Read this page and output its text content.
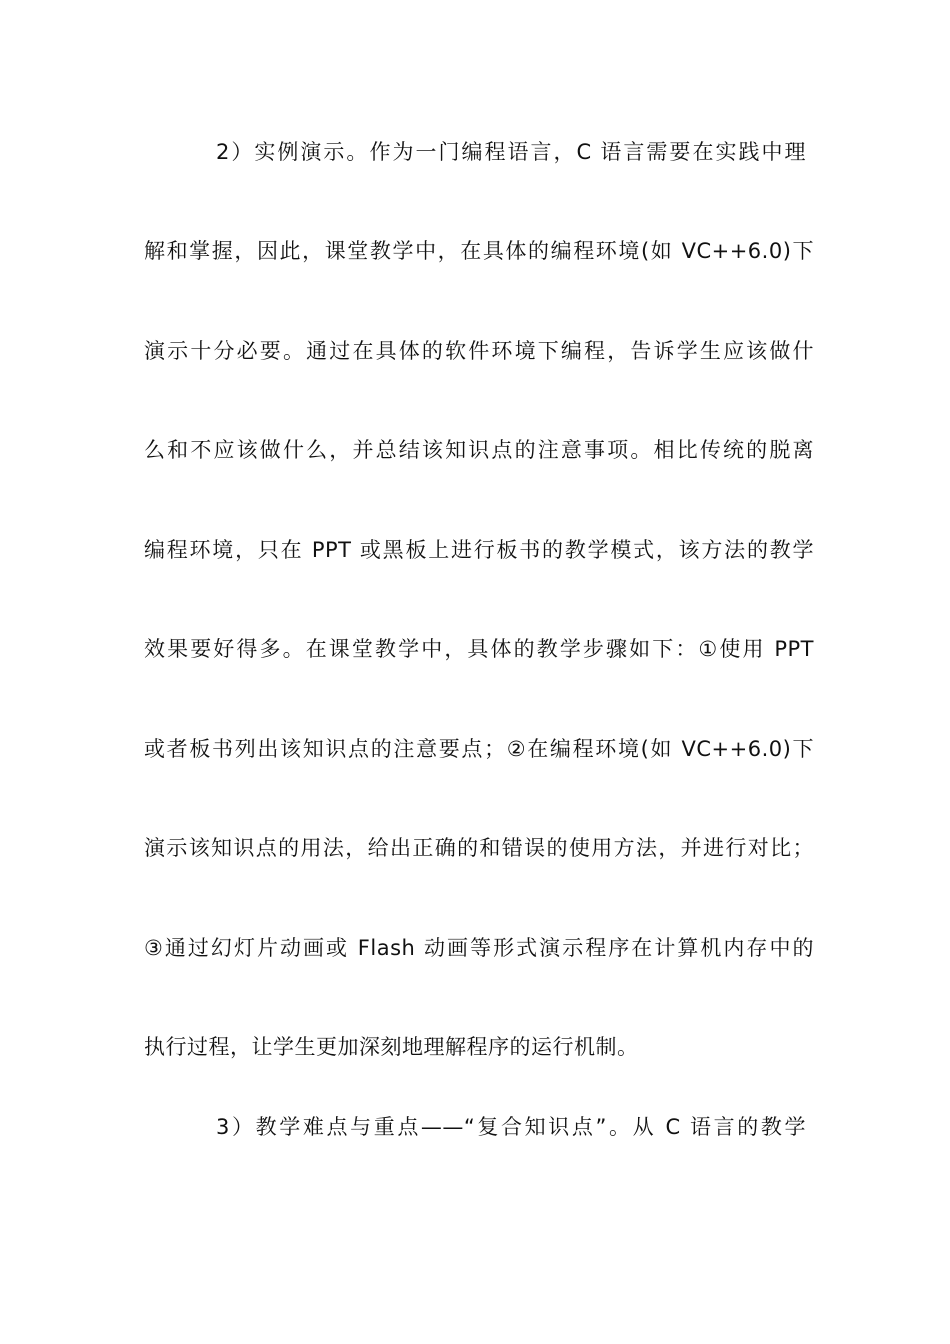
2）实例演示。作为一门编程语言，C 语言需要在实践中理
解和掌握，因此，课堂教学中，在具体的编程环境(如 VC++6.0)下
演示十分必要。通过在具体的软件环境下编程，告诉学生应该做什
么和不应该做什么，并总结该知识点的注意事项。相比传统的脱离
编程环境，只在 PPT 或黑板上进行板书的教学模式，该方法的教学
效果要好得多。在课堂教学中，具体的教学步骤如下：①使用 PPT
或者板书列出该知识点的注意要点；②在编程环境(如 VC++6.0)下
演示该知识点的用法，给出正确的和错误的使用方法，并进行对比；
③通过幻灯片动画或 Flash 动画等形式演示程序在计算机内存中的
执行过程，让学生更加深刻地理解程序的运行机制。
3）教学难点与重点——“复合知识点”。从 C 语言的教学
